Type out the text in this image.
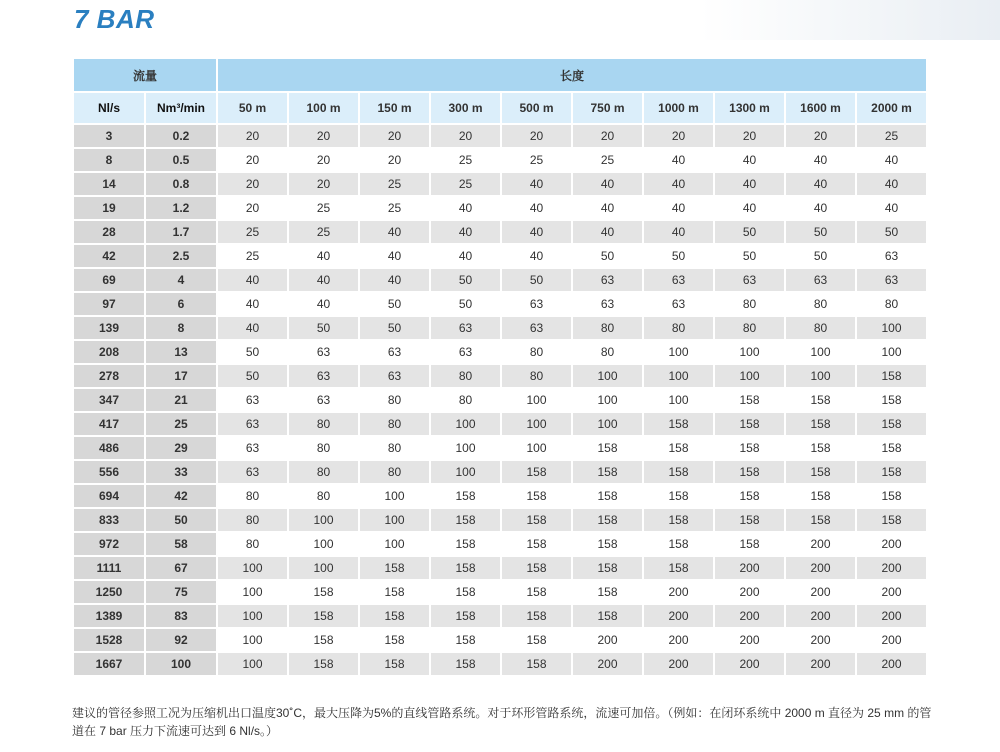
7 BAR
流量		长度									
Nl/s	Nm³/min	50 m	100 m	150 m	300 m	500 m	750 m	1000 m	1300 m	1600 m	2000 m
3	0.2	20	20	20	20	20	20	20	20	20	25
8	0.5	20	20	20	25	25	25	40	40	40	40
14	0.8	20	20	25	25	40	40	40	40	40	40
19	1.2	20	25	25	40	40	40	40	40	40	40
28	1.7	25	25	40	40	40	40	40	50	50	50
42	2.5	25	40	40	40	40	50	50	50	50	63
69	4	40	40	40	50	50	63	63	63	63	63
97	6	40	40	50	50	63	63	63	80	80	80
139	8	40	50	50	63	63	80	80	80	80	100
208	13	50	63	63	63	80	80	100	100	100	100
278	17	50	63	63	80	80	100	100	100	100	158
347	21	63	63	80	80	100	100	100	158	158	158
417	25	63	80	80	100	100	100	158	158	158	158
486	29	63	80	80	100	100	158	158	158	158	158
556	33	63	80	80	100	158	158	158	158	158	158
694	42	80	80	100	158	158	158	158	158	158	158
833	50	80	100	100	158	158	158	158	158	158	158
972	58	80	100	100	158	158	158	158	158	200	200
1111	67	100	100	158	158	158	158	158	200	200	200
1250	75	100	158	158	158	158	158	200	200	200	200
1389	83	100	158	158	158	158	158	200	200	200	200
1528	92	100	158	158	158	158	200	200	200	200	200
1667	100	100	158	158	158	158	200	200	200	200	200
建议的管径参照工况为压缩机出口温度30˚C，最大压降为5%的直线管路系统。对于环形管路系统，流速可加倍。（例如：在闭环系统中 2000 m 直径为 25 mm 的管道在 7 bar 压力下流速可达到 6 Nl/s。）
